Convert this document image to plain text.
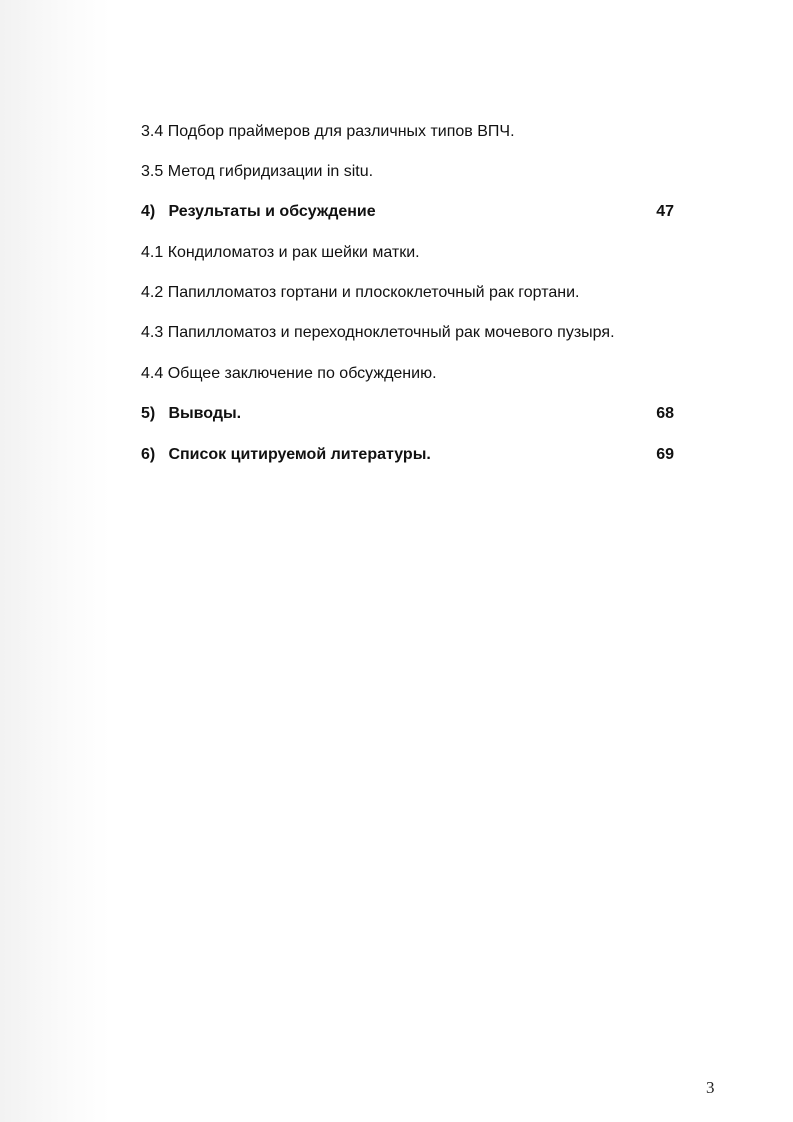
3.4 Подбор праймеров для различных типов ВПЧ.
3.5 Метод гибридизации in situ.
4) Результаты и обсуждение	47
4.1 Кондиломатоз и рак шейки матки.
4.2 Папилломатоз гортани и плоскоклеточный рак гортани.
4.3 Папилломатоз и переходноклеточный рак мочевого пузыря.
4.4 Общее заключение по обсуждению.
5) Выводы.	68
6) Список цитируемой литературы.	69
3
